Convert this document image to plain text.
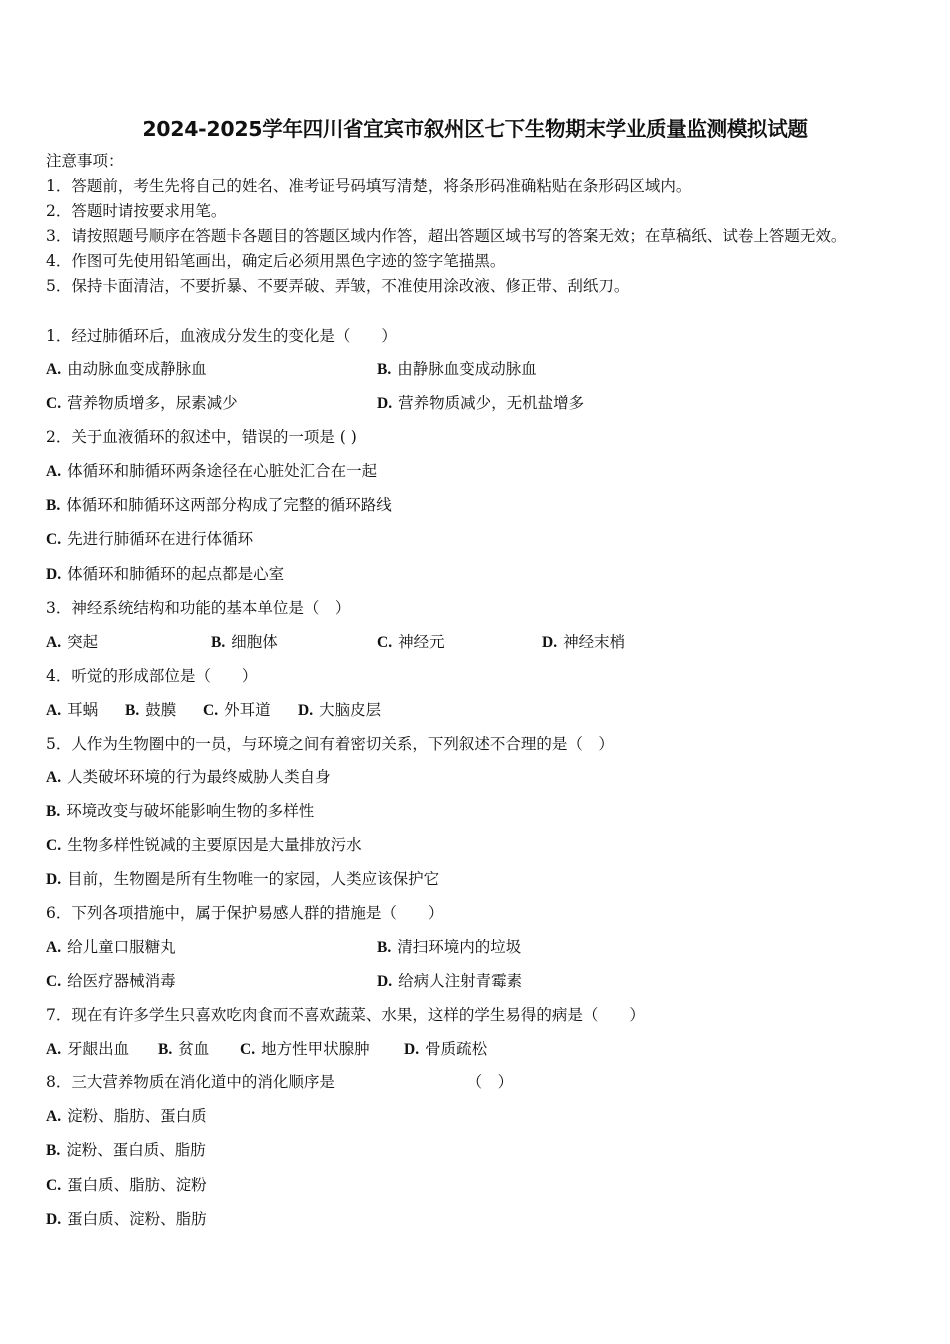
2024-2025学年四川省宜宾市叙州区七下生物期末学业质量监测模拟试题
注意事项：
1．答题前，考生先将自己的姓名、准考证号码填写清楚，将条形码准确粘贴在条形码区域内。
2．答题时请按要求用笔。
3．请按照题号顺序在答题卡各题目的答题区域内作答，超出答题区域书写的答案无效；在草稿纸、试卷上答题无效。
4．作图可先使用铅笔画出，确定后必须用黑色字迹的签字笔描黑。
5．保持卡面清洁，不要折暴、不要弄破、弄皱，不准使用涂改液、修正带、刮纸刀。
1．经过肺循环后，血液成分发生的变化是（　　）
A. 由动脉血变成静脉血	B. 由静脉血变成动脉血
C. 营养物质增多，尿素减少	D. 营养物质减少，无机盐增多
2．关于血液循环的叙述中，错误的一项是 ( )
A. 体循环和肺循环两条途径在心脏处汇合在一起
B. 体循环和肺循环这两部分构成了完整的循环路线
C. 先进行肺循环在进行体循环
D. 体循环和肺循环的起点都是心室
3．神经系统结构和功能的基本单位是（　）
A. 突起	B. 细胞体	C. 神经元	D. 神经末梢
4．听觉的形成部位是（　　）
A. 耳蜗 B. 鼓膜 C. 外耳道 D. 大脑皮层
5．人作为生物圈中的一员，与环境之间有着密切关系，下列叙述不合理的是（　）
A. 人类破坏环境的行为最终威胁人类自身
B. 环境改变与破坏能影响生物的多样性
C. 生物多样性锐减的主要原因是大量排放污水
D. 目前，生物圈是所有生物唯一的家园，人类应该保护它
6．下列各项措施中，属于保护易感人群的措施是（　　）
A. 给儿童口服糖丸	B. 清扫环境内的垃圾
C. 给医疗器械消毒	D. 给病人注射青霉素
7．现在有许多学生只喜欢吃肉食而不喜欢蔬菜、水果，这样的学生易得的病是（　　）
A. 牙龈出血 B. 贫血 C. 地方性甲状腺肿 D. 骨质疏松
8．三大营养物质在消化道中的消化顺序是　　　　　　　　　（　）
A. 淀粉、脂肪、蛋白质
B. 淀粉、蛋白质、脂肪
C. 蛋白质、脂肪、淀粉
D. 蛋白质、淀粉、脂肪
